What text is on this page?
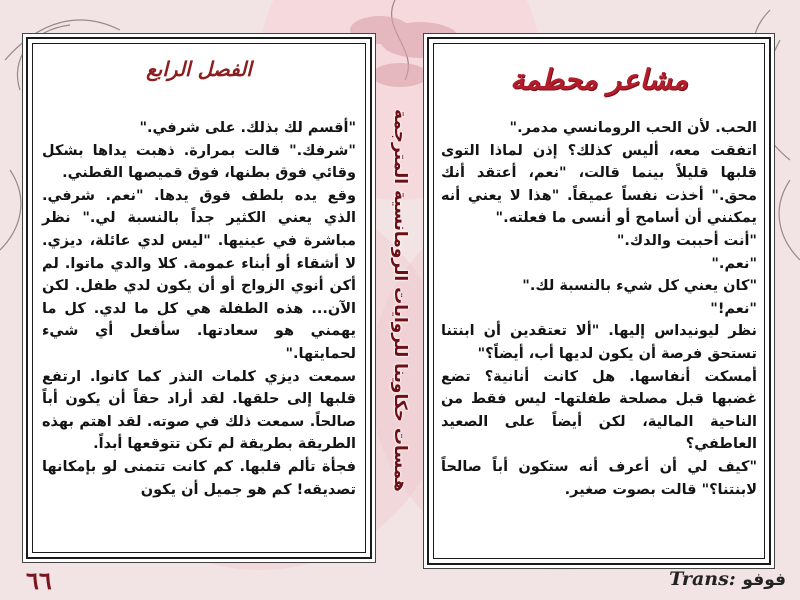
الفصل الرابع

"أقسم لك بذلك. على شرفي."

"شرفك." قالت بمرارة. ذهبت يداها بشكل وقائي فوق بطنها، فوق قميصها القطني.

وقع يده بلطف فوق يدها. "نعم. شرفي. الذي يعني الكثير جداً بالنسبة لي." نظر مباشرة في عينيها. "ليس لدي عائلة، ديزي. لا أشقاء أو أبناء عمومة. كلا والدي ماتوا. لم أكن أنوي الزواج أو أن يكون لدي طفل. لكن الآن... هذه الطفلة هي كل ما لدي. كل ما يهمني هو سعادتها. سأفعل أي شيء لحمايتها."

سمعت ديزي كلمات النذر كما كانوا. ارتفع قلبها إلى حلقها. لقد أراد حقاً أن يكون أباً صالحاً. سمعت ذلك في صوته. لقد اهتم بهذه الطريقة بطريقة لم تكن تتوقعها أبداً.

فجأة تألم قلبها. كم كانت تتمنى لو بإمكانها تصديقه! كم هو جميل أن يكون همسات حكاوينا للروايات الرومانسية المترجمة
مشاعر محطمة

الحب. لأن الحب الرومانسي مدمر."

اتفقت معه، أليس كذلك؟ إذن لماذا التوى قلبها قليلاً بينما قالت، "نعم، أعتقد أنك محق." أخذت نفساً عميقاً. "هذا لا يعني أنه يمكنني أن أسامح أو أنسى ما فعلته."

"أنت أحببت والدك."

"نعم."

"كان يعني كل شيء بالنسبة لك."

"نعم!"

نظر ليونيداس إليها. "ألا تعتقدين أن ابنتنا تستحق فرصة أن يكون لديها أب، أيضاً؟"

أمسكت أنفاسها. هل كانت أنانية؟ تضع غضبها قبل مصلحة طفلتها- ليس فقط من الناحية المالية، لكن أيضاً على الصعيد العاطفي؟

"كيف لي أن أعرف أنه ستكون أباً صالحاً لابنتنا؟" قالت بصوت صغير.

٦٦	Trans: فوفو
